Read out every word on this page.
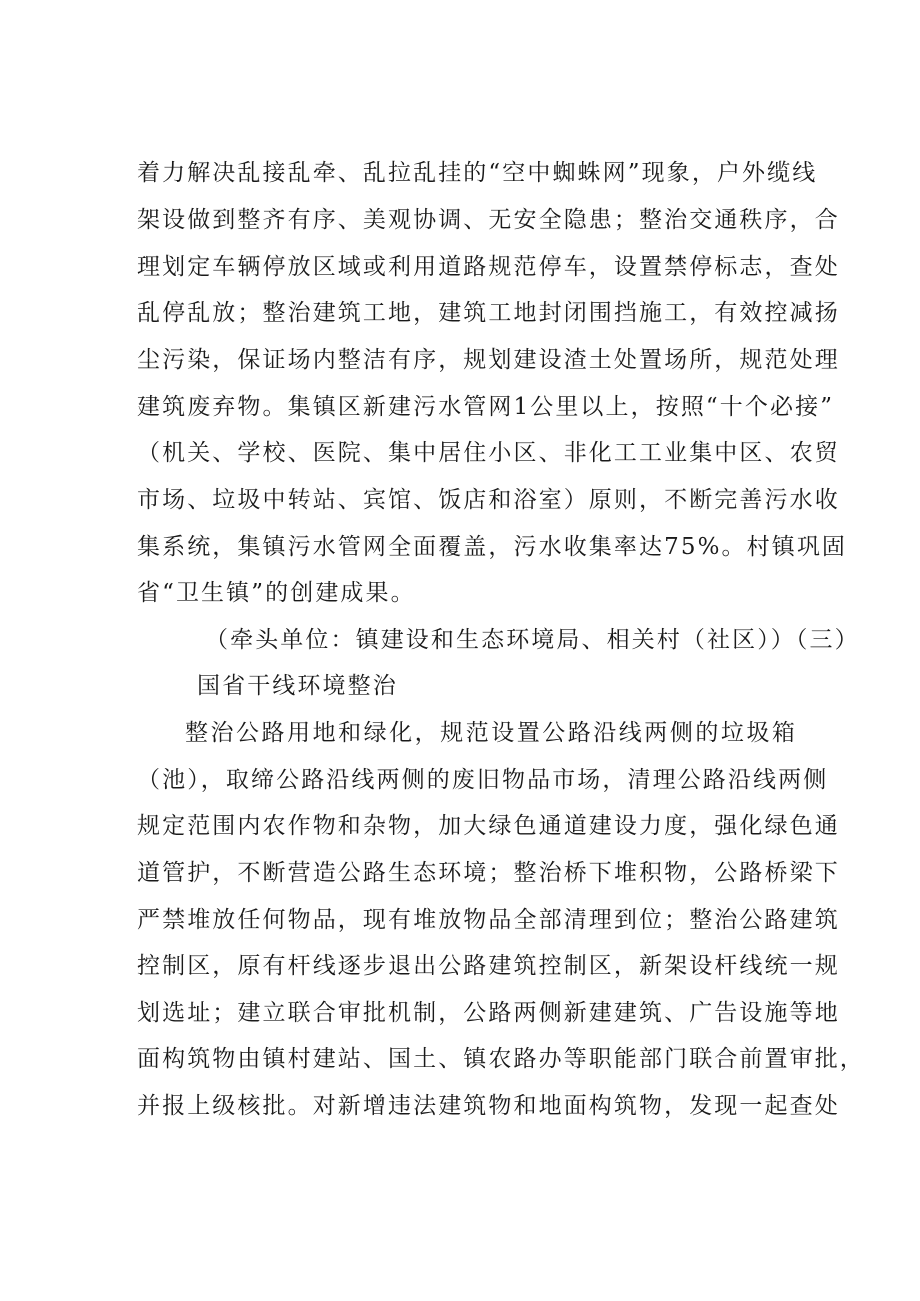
着力解决乱接乱牵、乱拉乱挂的“空中蜘蛛网”现象，户外缆线
架设做到整齐有序、美观协调、无安全隐患；整治交通秩序，合
理划定车辆停放区域或利用道路规范停车，设置禁停标志，查处
乱停乱放；整治建筑工地，建筑工地封闭围挡施工，有效控减扬
尘污染，保证场内整洁有序，规划建设渣土处置场所，规范处理
建筑废弃物。集镇区新建污水管网1公里以上，按照“十个必接”
（机关、学校、医院、集中居住小区、非化工工业集中区、农贸
市场、垃圾中转站、宾馆、饭店和浴室）原则，不断完善污水收
集系统，集镇污水管网全面覆盖，污水收集率达75%。村镇巩固
省“卫生镇”的创建成果。
（牵头单位：镇建设和生态环境局、相关村（社区））（三）
国省干线环境整治
整治公路用地和绿化，规范设置公路沿线两侧的垃圾箱
（池），取缔公路沿线两侧的废旧物品市场，清理公路沿线两侧
规定范围内农作物和杂物，加大绿色通道建设力度，强化绿色通
道管护，不断营造公路生态环境；整治桥下堆积物，公路桥梁下
严禁堆放任何物品，现有堆放物品全部清理到位；整治公路建筑
控制区，原有杆线逐步退出公路建筑控制区，新架设杆线统一规
划选址；建立联合审批机制，公路两侧新建建筑、广告设施等地
面构筑物由镇村建站、国土、镇农路办等职能部门联合前置审批，
并报上级核批。对新增违法建筑物和地面构筑物，发现一起查处
